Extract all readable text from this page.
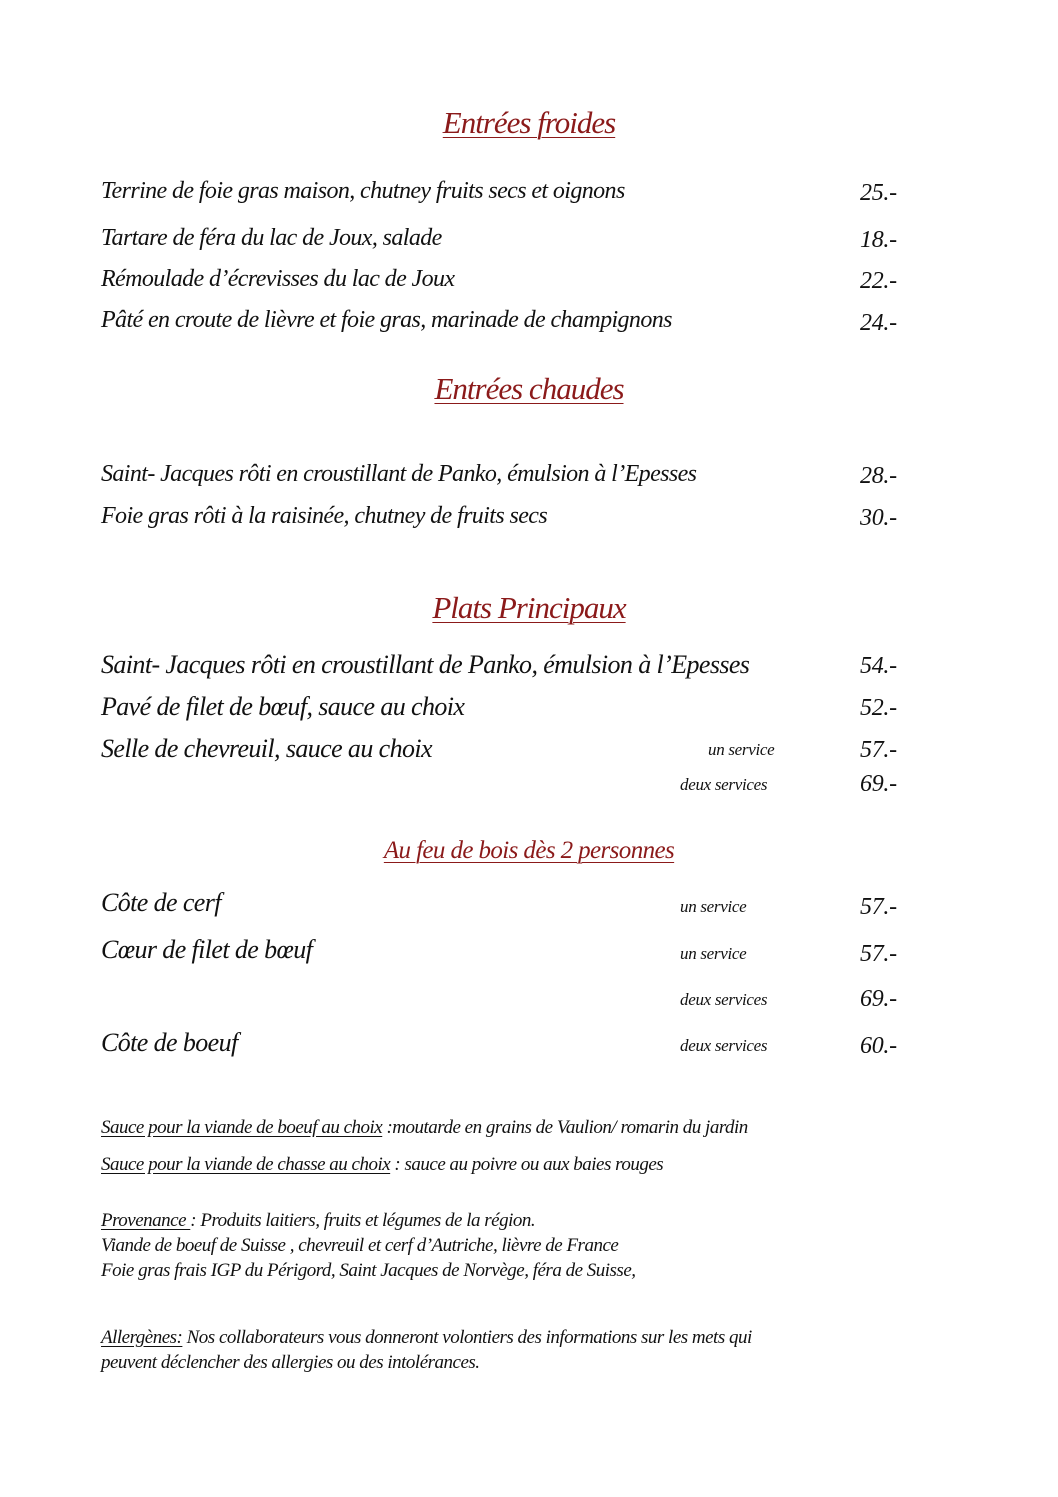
Entrées froides
Terrine de foie gras maison, chutney fruits secs et oignons	25.-
Tartare de féra du lac de Joux, salade	18.-
Rémoulade d’écrevisses du lac de Joux	22.-
Pâté en croute de lièvre et foie gras, marinade de champignons	24.-
Entrées chaudes
Saint- Jacques rôti en croustillant de Panko, émulsion à l’Epesses	28.-
Foie gras rôti à la raisinée, chutney de fruits secs	30.-
Plats Principaux
Saint- Jacques rôti en croustillant de Panko, émulsion à l’Epesses	54.-
Pavé de filet de bœuf, sauce au choix	52.-
Selle de chevreuil, sauce au choix	un service	57.-
deux services	69.-
Au feu de bois dès 2 personnes
Côte de cerf	un service	57.-
Cœur de filet de bœuf	un service	57.-
deux services	69.-
Côte de boeuf	deux services	60.-
Sauce pour la viande de boeuf au choix :moutarde en grains de Vaulion/ romarin du jardin
Sauce pour la viande de chasse au choix : sauce au poivre ou aux baies rouges
Provenance : Produits laitiers, fruits et légumes de la région.
Viande de boeuf de Suisse , chevreuil et cerf d’Autriche, lièvre de France
Foie gras frais IGP du Périgord, Saint Jacques de Norvège, féra de Suisse,
Allergènes: Nos collaborateurs vous donneront volontiers des informations sur les mets qui
peuvent déclencher des allergies ou des intolérances.
